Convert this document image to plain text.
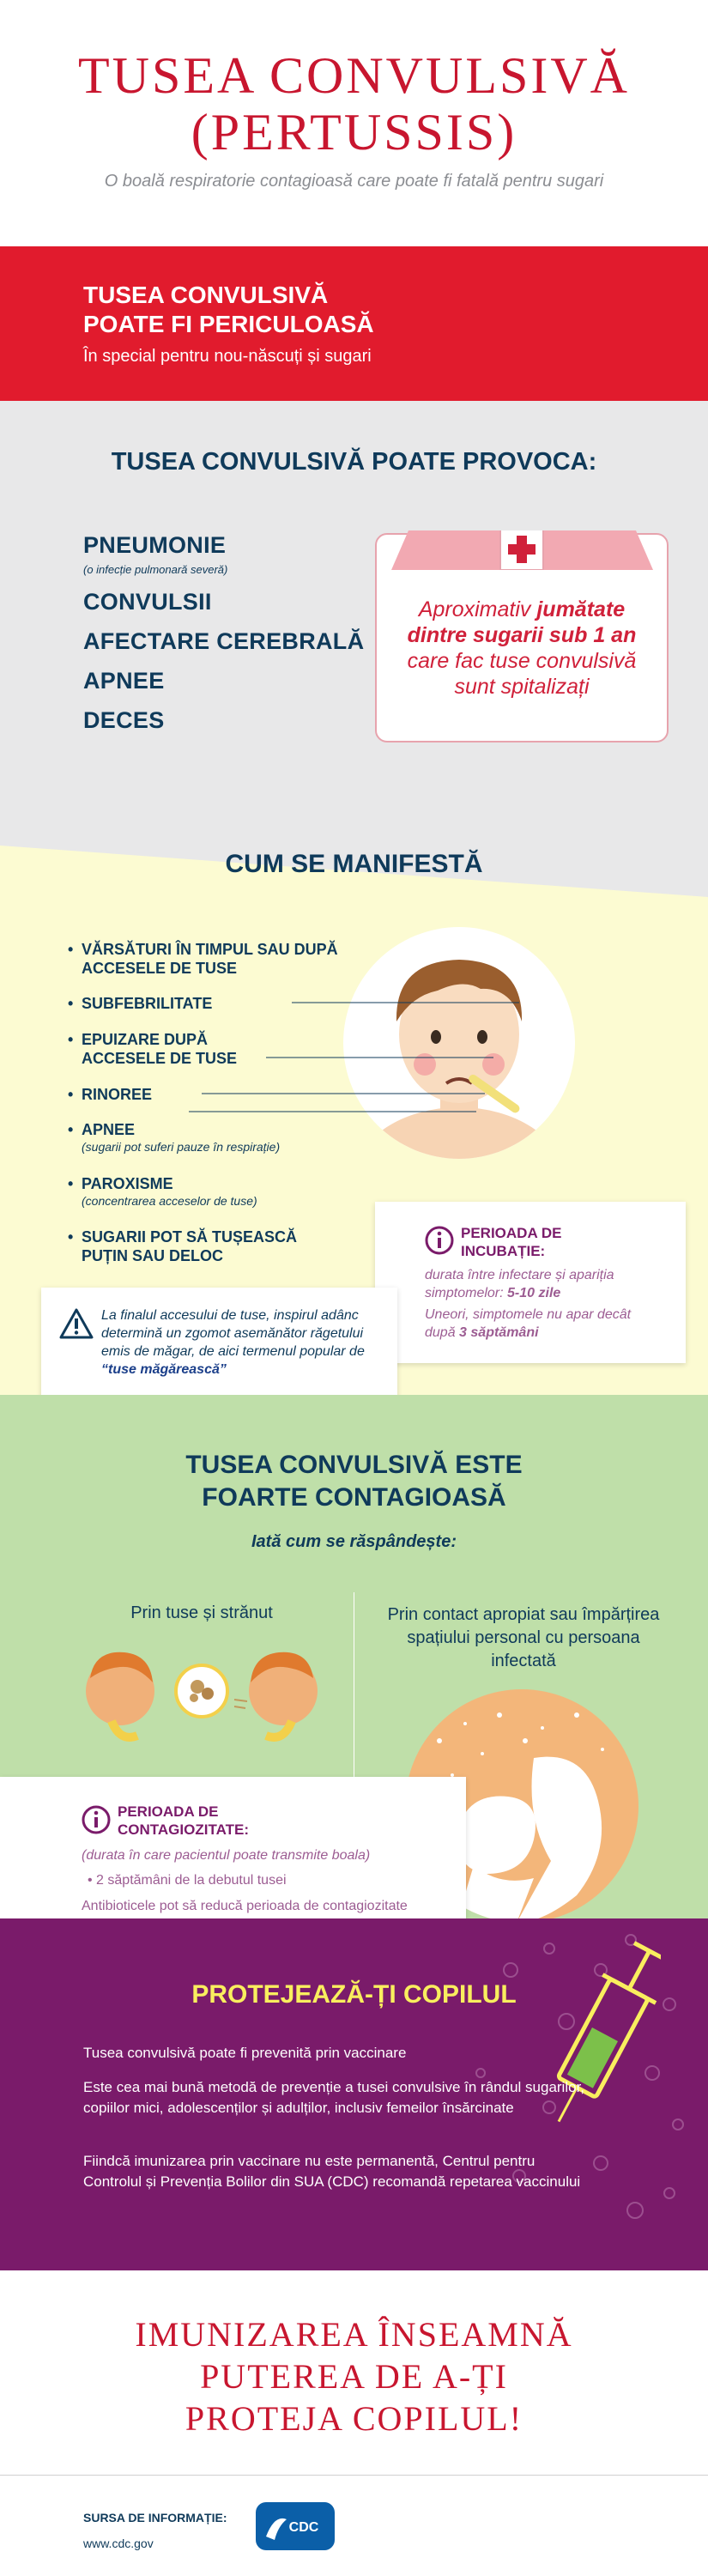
TUSEA CONVULSIVĂ
(PERTUSSIS)
O boală respiratorie contagioasă care poate fi fatală pentru sugari
TUSEA CONVULSIVĂ
POATE FI PERICULOASĂ
În special pentru nou-născuți și sugari
TUSEA CONVULSIVĂ POATE PROVOCA:
PNEUMONIE
(o infecție pulmonară severă)
CONVULSII
AFECTARE CEREBRALĂ
APNEE
DECES
Aproximativ jumătate dintre sugarii sub 1 an care fac tuse convulsivă sunt spitalizați
CUM SE MANIFESTĂ
• VĂRSĂTURI ÎN TIMPUL SAU DUPĂ ACCESELE DE TUSE
• SUBFEBRILITATE
• EPUIZARE DUPĂ ACCESELE DE TUSE
• RINOREE
• APNEE
(sugarii pot suferi pauze în respirație)
• PAROXISME
(concentrarea acceselor de tuse)
• SUGARII POT SĂ TUȘEASCĂ PUȚIN SAU DELOC
PERIOADA DE
INCUBAȚIE:
durata între infectare și apariția simptomelor: 5-10 zile
Uneori, simptomele nu apar decât după 3 săptămâni
La finalul accesului de tuse, inspirul adânc determină un zgomot asemănător răgetului emis de măgar, de aici termenul popular de “tuse măgărească”
TUSEA CONVULSIVĂ ESTE
FOARTE CONTAGIOASĂ
Iată cum se răspândește:
Prin tuse și strănut	Prin contact apropiat sau împărțirea spațiului personal cu persoana infectată
PERIOADA DE
CONTAGIOZITATE:
(durata în care pacientul poate transmite boala)
• 2 săptămâni de la debutul tusei
Antibioticele pot să reducă perioada de contagiozitate
PROTEJEAZĂ-ȚI COPILUL
Tusea convulsivă poate fi prevenită prin vaccinare
Este cea mai bună metodă de prevenție a tusei convulsive în rândul sugarilor, copiilor mici, adolescenților și adulților, inclusiv femeilor însărcinate
Fiindcă imunizarea prin vaccinare nu este permanentă, Centrul pentru Controlul și Prevenția Bolilor din SUA (CDC) recomandă repetarea vaccinului
IMUNIZAREA ÎNSEAMNĂ
PUTEREA DE A-ȚI
PROTEJA COPILUL!
SURSA DE INFORMAȚIE:
www.cdc.gov
CDC
